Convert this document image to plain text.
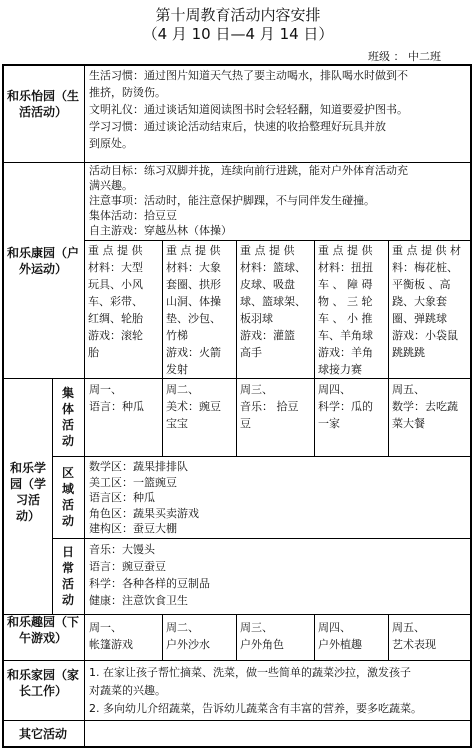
第十周教育活动内容安排
（4 月 10 日—4 月 14 日）
班级 ： 中二班
和乐怡园（生活活动）
生活习惯：通过图片知道天气热了要主动喝水，排队喝水时做到不
推挤，防烫伤。
文明礼仪：通过谈话知道阅读图书时会轻轻翻，知道要爱护图书。
学习习惯：通过谈论活动结束后，快速的收拾整理好玩具并放
到原处。
和乐康园（户外运动）
活动目标：练习双脚并拢，连续向前行进跳，能对户外体育活动充
满兴趣。
注意事项：活动时，能注意保护脚踝，不与同伴发生碰撞。
集体活动：拾豆豆
自主游戏：穿越丛林（体操）
重 点 提 供
材料：大型
玩具、小风
车、彩带、
红绸、轮胎
游戏：滚轮
胎
重 点 提 供
材料：大象
套圈、拱形
山洞、体操
垫、沙包、
竹梯
游戏：火箭
发射
重 点 提 供
材料：篮球、
皮球、吸盘
球、篮球架、
板羽球
游戏：灌篮
高手
重 点 提 供
材料：扭扭
车 、 障 碍
物 、 三 轮
车 、 小 推
车、羊角球
游戏：羊角
球接力赛
重 点 提 供 材
料：梅花桩、
平衡板 、高
跷、大象套
圈、弹跳球
游戏：小袋鼠
跳跳跳
和乐学园（学习活动）
集体活动
区域活动
日常活动
周一、
语言：种瓜
周二、
美术：豌豆
宝宝
周三、
音乐： 拾豆
豆
周四、
科学：瓜的
一家
周五、
数学：去吃蔬
菜大餐
数学区：蔬果排排队
美工区：一篮豌豆
语言区：种瓜
角色区：蔬果买卖游戏
建构区：蚕豆大棚
音乐：大馒头
语言：豌豆蚕豆
科学：各种各样的豆制品
健康：注意饮食卫生
和乐趣园（下午游戏）
周一、
帐篷游戏
周二、
户外沙水
周三、
户外角色
周四、
户外植趣
周五、
艺术表现
和乐家园（家长工作）
1. 在家让孩子帮忙摘菜、洗菜，做一些简单的蔬菜沙拉，激发孩子
对蔬菜的兴趣。
2. 多向幼儿介绍蔬菜，告诉幼儿蔬菜含有丰富的营养，要多吃蔬菜。
其它活动
